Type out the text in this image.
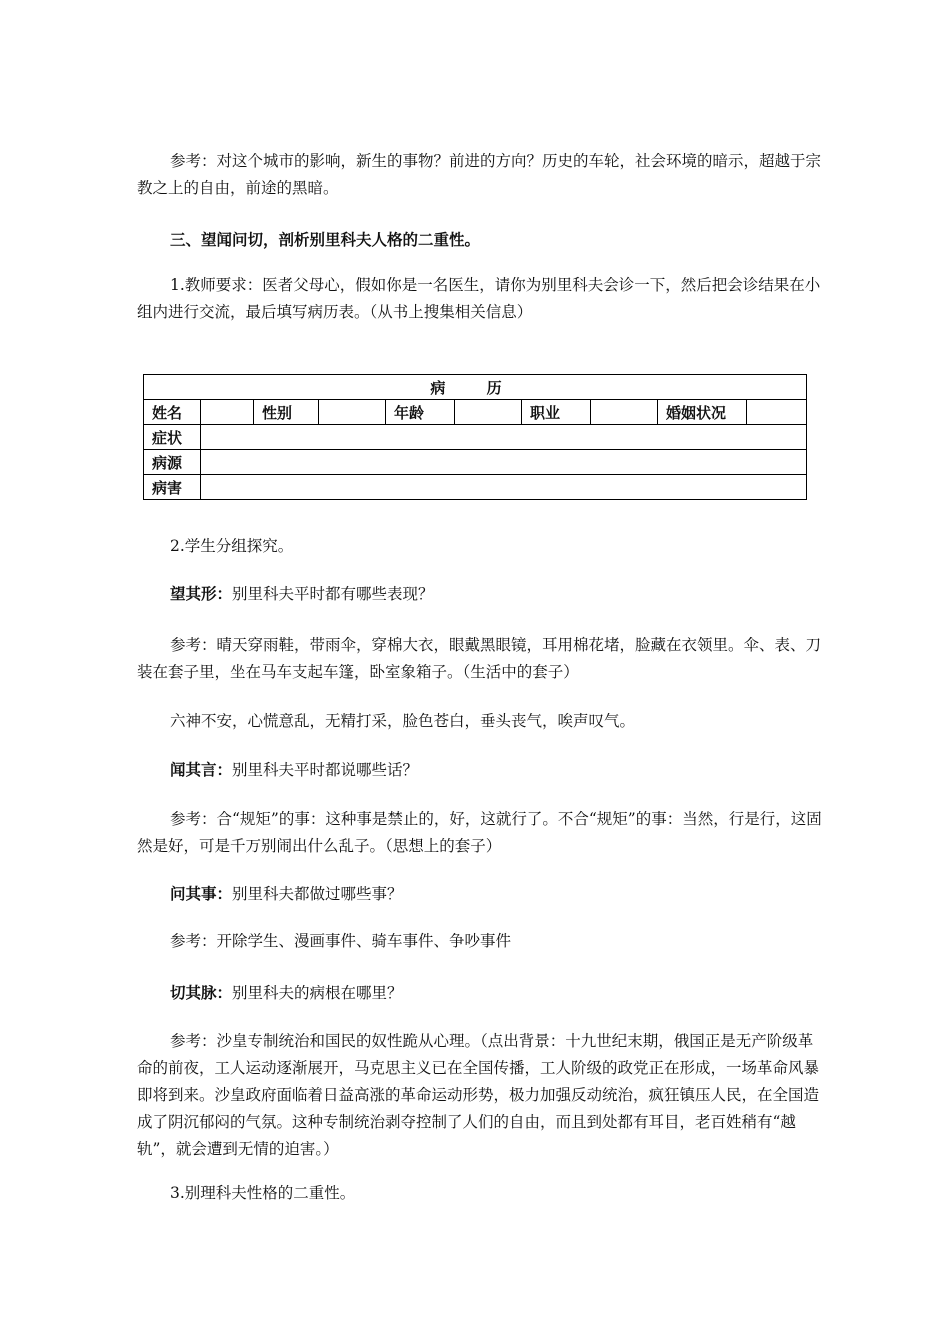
参考：对这个城市的影响，新生的事物？前进的方向？历史的车轮，社会环境的暗示，超越于宗教之上的自由，前途的黑暗。

三、望闻问切，剖析别里科夫人格的二重性。

1.教师要求：医者父母心，假如你是一名医生，请你为别里科夫会诊一下，然后把会诊结果在小组内进行交流，最后填写病历表。（从书上搜集相关信息）

病 历									
姓名		性别		年龄		职业		婚姻状况	
症状									
病源									
病害									

2.学生分组探究。

望其形：别里科夫平时都有哪些表现？

参考：晴天穿雨鞋，带雨伞，穿棉大衣，眼戴黑眼镜，耳用棉花堵，脸藏在衣领里。伞、表、刀装在套子里，坐在马车支起车篷，卧室象箱子。（生活中的套子）

六神不安，心慌意乱，无精打采，脸色苍白，垂头丧气，唉声叹气。

闻其言：别里科夫平时都说哪些话？

参考：合“规矩”的事：这种事是禁止的，好，这就行了。不合“规矩”的事：当然，行是行，这固然是好，可是千万别闹出什么乱子。（思想上的套子）

问其事：别里科夫都做过哪些事？

参考：开除学生、漫画事件、骑车事件、争吵事件

切其脉：别里科夫的病根在哪里？

参考：沙皇专制统治和国民的奴性跪从心理。（点出背景：十九世纪末期，俄国正是无产阶级革命的前夜，工人运动逐渐展开，马克思主义已在全国传播，工人阶级的政党正在形成，一场革命风暴即将到来。沙皇政府面临着日益高涨的革命运动形势，极力加强反动统治，疯狂镇压人民，在全国造成了阴沉郁闷的气氛。这种专制统治剥夺控制了人们的自由，而且到处都有耳目，老百姓稍有“越轨”，就会遭到无情的迫害。）

3.别理科夫性格的二重性。
